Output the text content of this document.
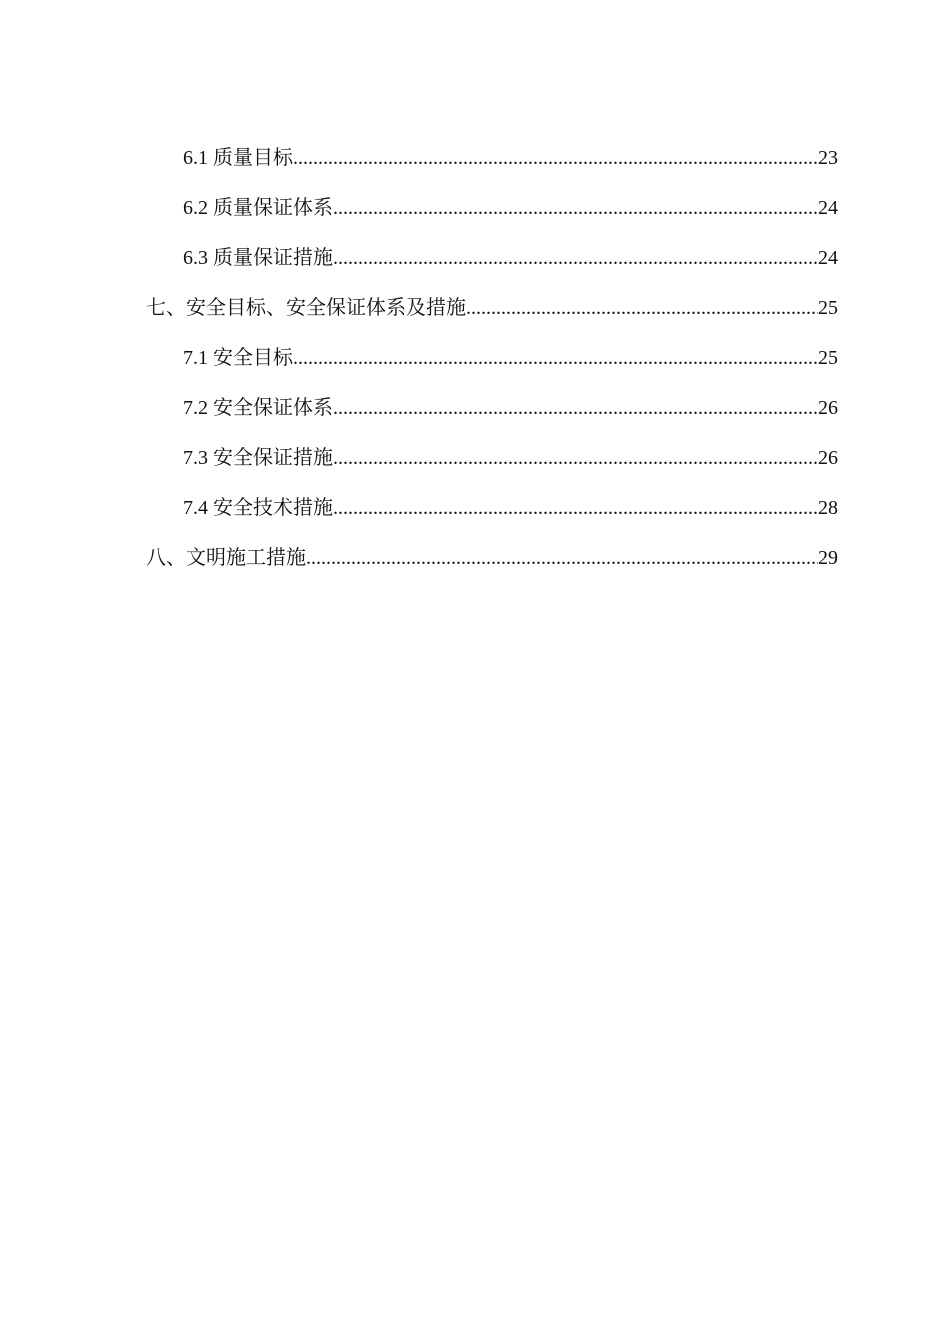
6.1 质量目标 .....	23
6.2 质量保证体系 .....	24
6.3 质量保证措施 .....	24
七、安全目标、安全保证体系及措施 .....	25
7.1 安全目标 .....	25
7.2 安全保证体系 .....	26
7.3 安全保证措施 .....	26
7.4 安全技术措施 .....	28
八、文明施工措施 .....	29
